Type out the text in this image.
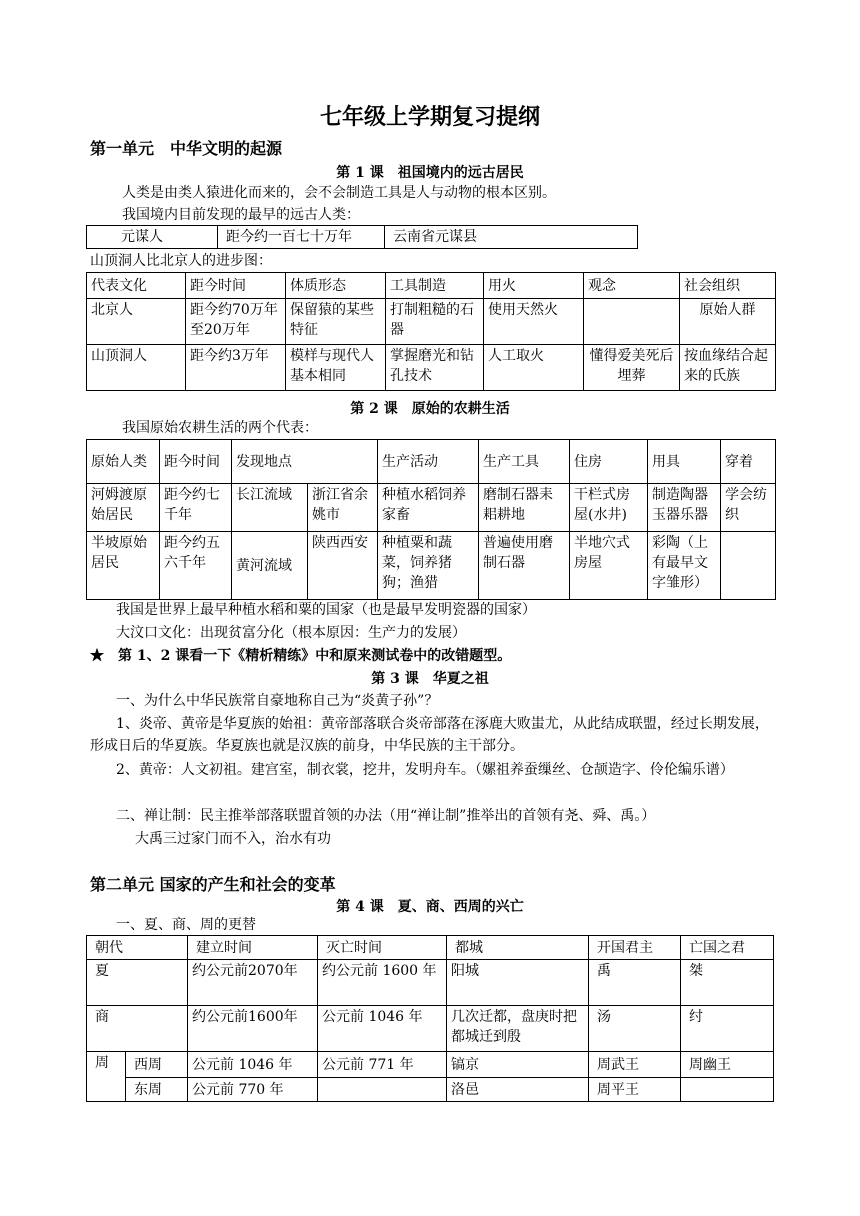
七年级上学期复习提纲
第一单元　中华文明的起源
第 1 课　祖国境内的远古居民
人类是由类人猿进化而来的，会不会制造工具是人与动物的根本区别。
我国境内目前发现的最早的远古人类：
元谋人	距今约一百七十万年	云南省元谋县
山顶洞人比北京人的进步图：
代表文化	距今时间	体质形态	工具制造	用火	观念	社会组织
北京人	距今约70万年至20万年	保留猿的某些特征	打制粗糙的石器	使用天然火		原始人群
山顶洞人	距今约3万年	模样与现代人基本相同	掌握磨光和钻孔技术	人工取火	懂得爱美死后埋葬	按血缘结合起来的氏族
第 2 课　原始的农耕生活
我国原始农耕生活的两个代表：
原始人类	距今时间	发现地点		生产活动	生产工具	住房	用具	穿着
河姆渡原始居民	距今约七千年	长江流域	浙江省余姚市	种植水稻饲养家畜	磨制石器耒耜耕地	干栏式房屋(水井)	制造陶器玉器乐器	学会纺织
半坡原始居民	距今约五六千年	黄河流域	陕西西安	种植粟和蔬菜，饲养猪狗；渔猎	普遍使用磨制石器	半地穴式房屋	彩陶（上有最早文字雏形）	
我国是世界上最早种植水稻和粟的国家（也是最早发明瓷器的国家）
大汶口文化：出现贫富分化（根本原因：生产力的发展）
★　第 1、2 课看一下《精析精练》中和原来测试卷中的改错题型。
第 3 课　华夏之祖
一、为什么中华民族常自豪地称自己为“炎黄子孙”？
1、炎帝、黄帝是华夏族的始祖：黄帝部落联合炎帝部落在涿鹿大败蚩尤，从此结成联盟，经过长期发展，形成日后的华夏族。华夏族也就是汉族的前身，中华民族的主干部分。
2、黄帝：人文初祖。建宫室，制衣裳，挖井，发明舟车。（嫘祖养蚕缫丝、仓颉造字、伶伦编乐谱）
二、禅让制：民主推举部落联盟首领的办法（用“禅让制”推举出的首领有尧、舜、禹。）
大禹三过家门而不入，治水有功
第二单元 国家的产生和社会的变革
第 4 课　夏、商、西周的兴亡
一、夏、商、周的更替
朝代		建立时间	灭亡时间	都城	开国君主	亡国之君
夏		约公元前2070年	约公元前 1600 年	阳城	禹	桀
商		约公元前1600年	公元前 1046 年	几次迁都，盘庚时把都城迁到殷	汤	纣
周	西周	公元前 1046 年	公元前 771 年	镐京	周武王	周幽王
	东周	公元前 770 年		洛邑	周平王	
